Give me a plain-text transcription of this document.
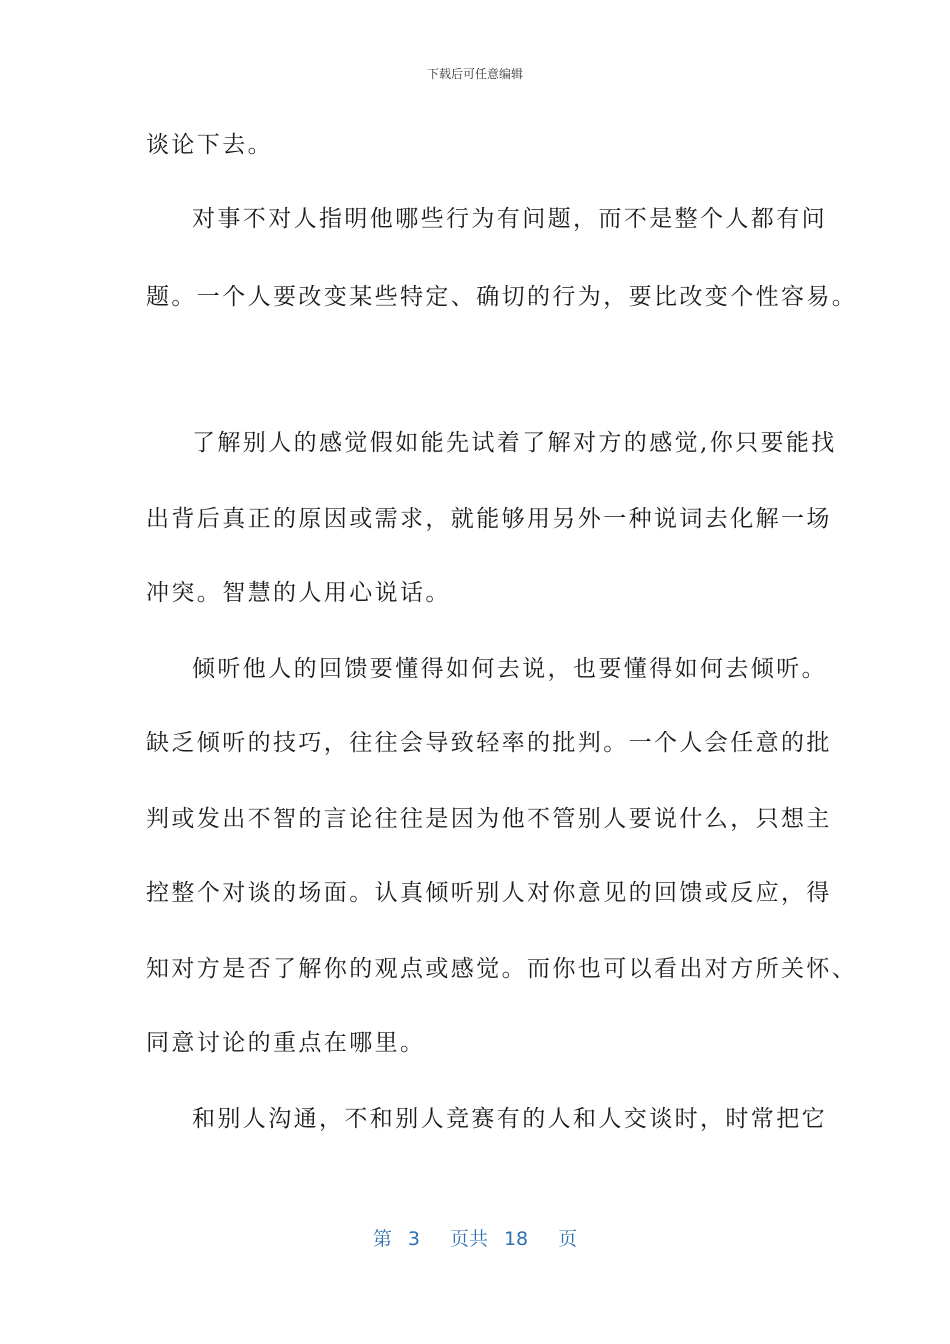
下载后可任意编辑
谈论下去。
对事不对人指明他哪些行为有问题，而不是整个人都有问
题。一个人要改变某些特定、确切的行为，要比改变个性容易。
了解别人的感觉假如能先试着了解对方的感觉,你只要能找
出背后真正的原因或需求，就能够用另外一种说词去化解一场
冲突。智慧的人用心说话。
倾听他人的回馈要懂得如何去说，也要懂得如何去倾听。
缺乏倾听的技巧，往往会导致轻率的批判。一个人会任意的批
判或发出不智的言论往往是因为他不管别人要说什么，只想主
控整个对谈的场面。认真倾听别人对你意见的回馈或反应，得
知对方是否了解你的观点或感觉。而你也可以看出对方所关怀、
同意讨论的重点在哪里。
和别人沟通，不和别人竞赛有的人和人交谈时，时常把它
第 3 页共 18 页
